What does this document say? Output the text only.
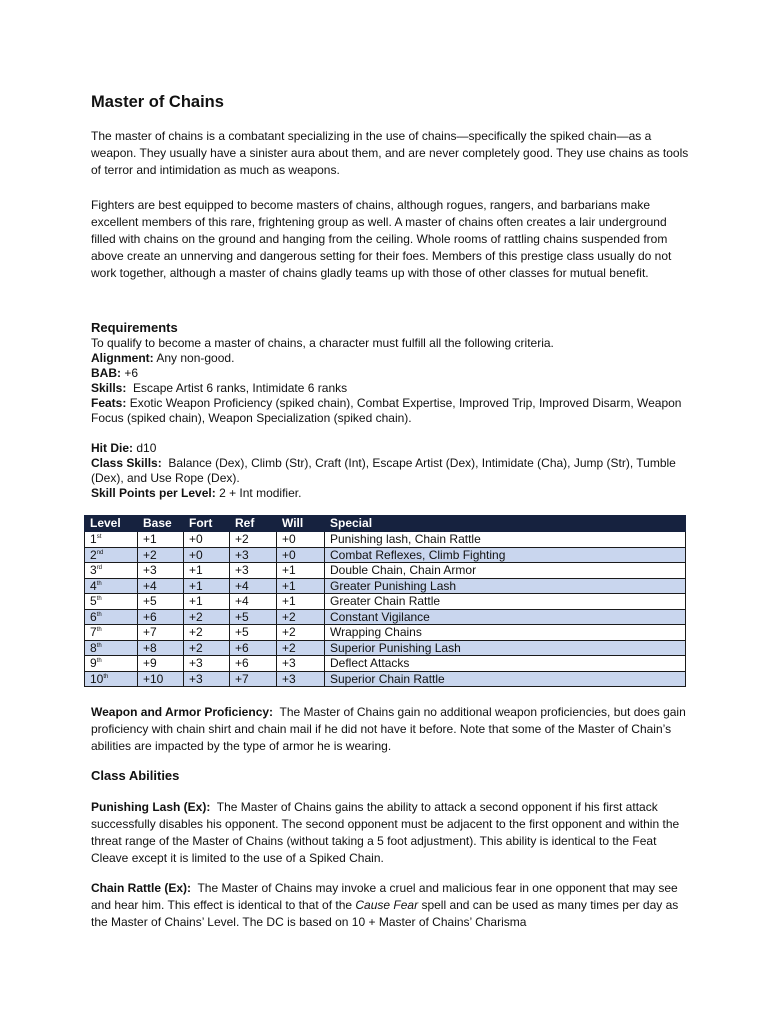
Master of Chains

The master of chains is a combatant specializing in the use of chains—specifically the spiked chain—as a weapon. They usually have a sinister aura about them, and are never completely good. They use chains as tools of terror and intimidation as much as weapons.

Fighters are best equipped to become masters of chains, although rogues, rangers, and barbarians make excellent members of this rare, frightening group as well. A master of chains often creates a lair underground filled with chains on the ground and hanging from the ceiling. Whole rooms of rattling chains suspended from above create an unnerving and dangerous setting for their foes. Members of this prestige class usually do not work together, although a master of chains gladly teams up with those of other classes for mutual benefit.

Requirements

To qualify to become a master of chains, a character must fulfill all the following criteria.

Alignment: Any non-good.

BAB: +6

Skills: Escape Artist 6 ranks, Intimidate 6 ranks

Feats: Exotic Weapon Proficiency (spiked chain), Combat Expertise, Improved Trip, Improved Disarm, Weapon Focus (spiked chain), Weapon Specialization (spiked chain).

Hit Die: d10

Class Skills: Balance (Dex), Climb (Str), Craft (Int), Escape Artist (Dex), Intimidate (Cha), Jump (Str), Tumble (Dex), and Use Rope (Dex).

Skill Points per Level: 2 + Int modifier.

Level	Base	Fort	Ref	Will	Special
1st	+1	+0	+2	+0	Punishing lash, Chain Rattle
2nd	+2	+0	+3	+0	Combat Reflexes, Climb Fighting
3rd	+3	+1	+3	+1	Double Chain, Chain Armor
4th	+4	+1	+4	+1	Greater Punishing Lash
5th	+5	+1	+4	+1	Greater Chain Rattle
6th	+6	+2	+5	+2	Constant Vigilance
7th	+7	+2	+5	+2	Wrapping Chains
8th	+8	+2	+6	+2	Superior Punishing Lash
9th	+9	+3	+6	+3	Deflect Attacks
10th	+10	+3	+7	+3	Superior Chain Rattle

Weapon and Armor Proficiency: The Master of Chains gain no additional weapon proficiencies, but does gain proficiency with chain shirt and chain mail if he did not have it before. Note that some of the Master of Chain’s abilities are impacted by the type of armor he is wearing.

Class Abilities

Punishing Lash (Ex): The Master of Chains gains the ability to attack a second opponent if his first attack successfully disables his opponent. The second opponent must be adjacent to the first opponent and within the threat range of the Master of Chains (without taking a 5 foot adjustment). This ability is identical to the Feat Cleave except it is limited to the use of a Spiked Chain.

Chain Rattle (Ex): The Master of Chains may invoke a cruel and malicious fear in one opponent that may see and hear him. This effect is identical to that of the Cause Fear spell and can be used as many times per day as the Master of Chains’ Level. The DC is based on 10 + Master of Chains’ Charisma
